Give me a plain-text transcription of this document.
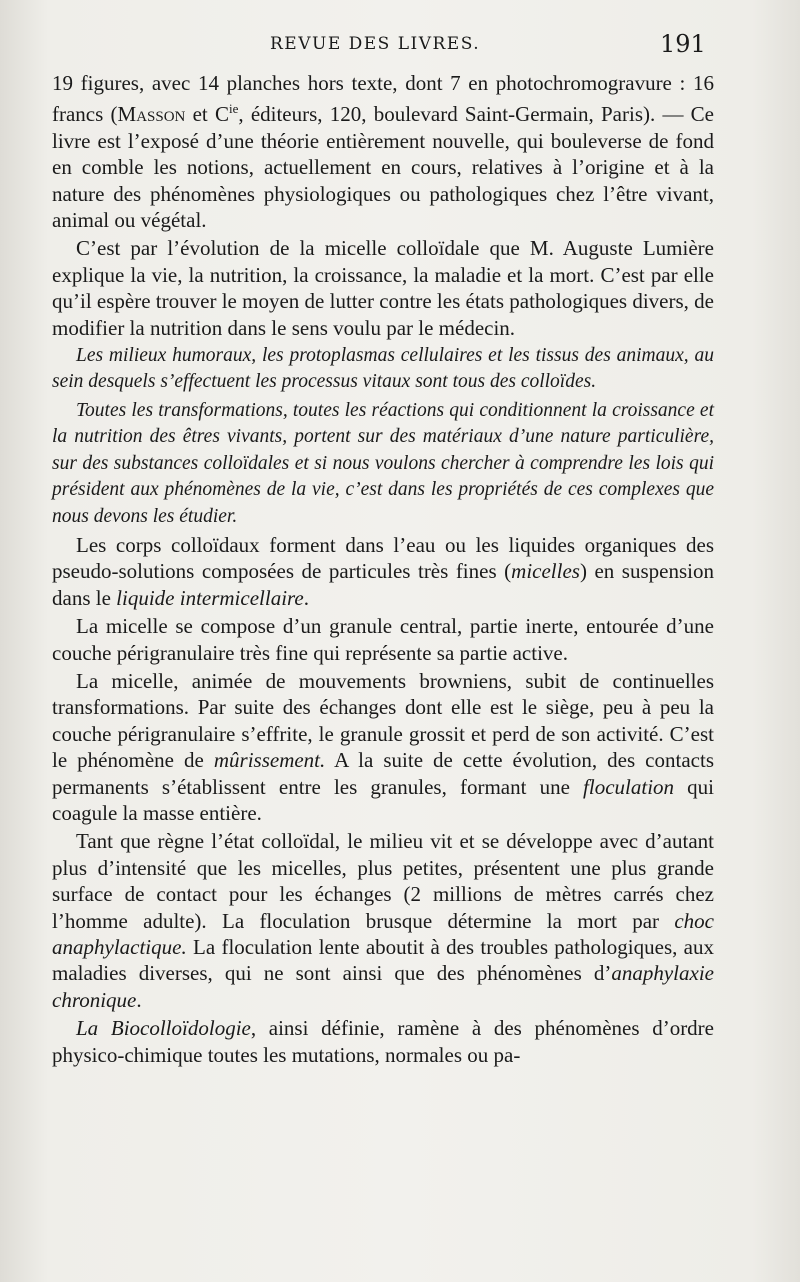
REVUE DES LIVRES.	191

19 figures, avec 14 planches hors texte, dont 7 en photochromogravure : 16 francs (Masson et $C^{ie}$, éditeurs, 120, boulevard Saint-Germain, Paris). — Ce livre est l’exposé d’une théorie entièrement nouvelle, qui bouleverse de fond en comble les notions, actuellement en cours, relatives à l’origine et à la nature des phénomènes physiologiques ou pathologiques chez l’être vivant, animal ou végétal.

C’est par l’évolution de la micelle colloïdale que M. Auguste Lumière explique la vie, la nutrition, la croissance, la maladie et la mort. C’est par elle qu’il espère trouver le moyen de lutter contre les états pathologiques divers, de modifier la nutrition dans le sens voulu par le médecin.

Les milieux humoraux, les protoplasmas cellulaires et les tissus des animaux, au sein desquels s’effectuent les processus vitaux sont tous des colloïdes.

Toutes les transformations, toutes les réactions qui conditionnent la croissance et la nutrition des êtres vivants, portent sur des matériaux d’une nature particulière, sur des substances colloïdales et si nous voulons chercher à comprendre les lois qui président aux phénomènes de la vie, c’est dans les propriétés de ces complexes que nous devons les étudier.

Les corps colloïdaux forment dans l’eau ou les liquides organiques des pseudo-solutions composées de particules très fines (micelles) en suspension dans le liquide intermicellaire.

La micelle se compose d’un granule central, partie inerte, entourée d’une couche périgranulaire très fine qui représente sa partie active.

La micelle, animée de mouvements browniens, subit de continuelles transformations. Par suite des échanges dont elle est le siège, peu à peu la couche périgranulaire s’effrite, le granule grossit et perd de son activité. C’est le phénomène de mûrissement. A la suite de cette évolution, des contacts permanents s’établissent entre les granules, formant une floculation qui coagule la masse entière.

Tant que règne l’état colloïdal, le milieu vit et se développe avec d’autant plus d’intensité que les micelles, plus petites, présentent une plus grande surface de contact pour les échanges (2 millions de mètres carrés chez l’homme adulte). La floculation brusque détermine la mort par choc anaphylactique. La floculation lente aboutit à des troubles pathologiques, aux maladies diverses, qui ne sont ainsi que des phénomènes d’anaphylaxie chronique.

La Biocolloïdologie, ainsi définie, ramène à des phénomènes d’ordre physico-chimique toutes les mutations, normales ou pa-
